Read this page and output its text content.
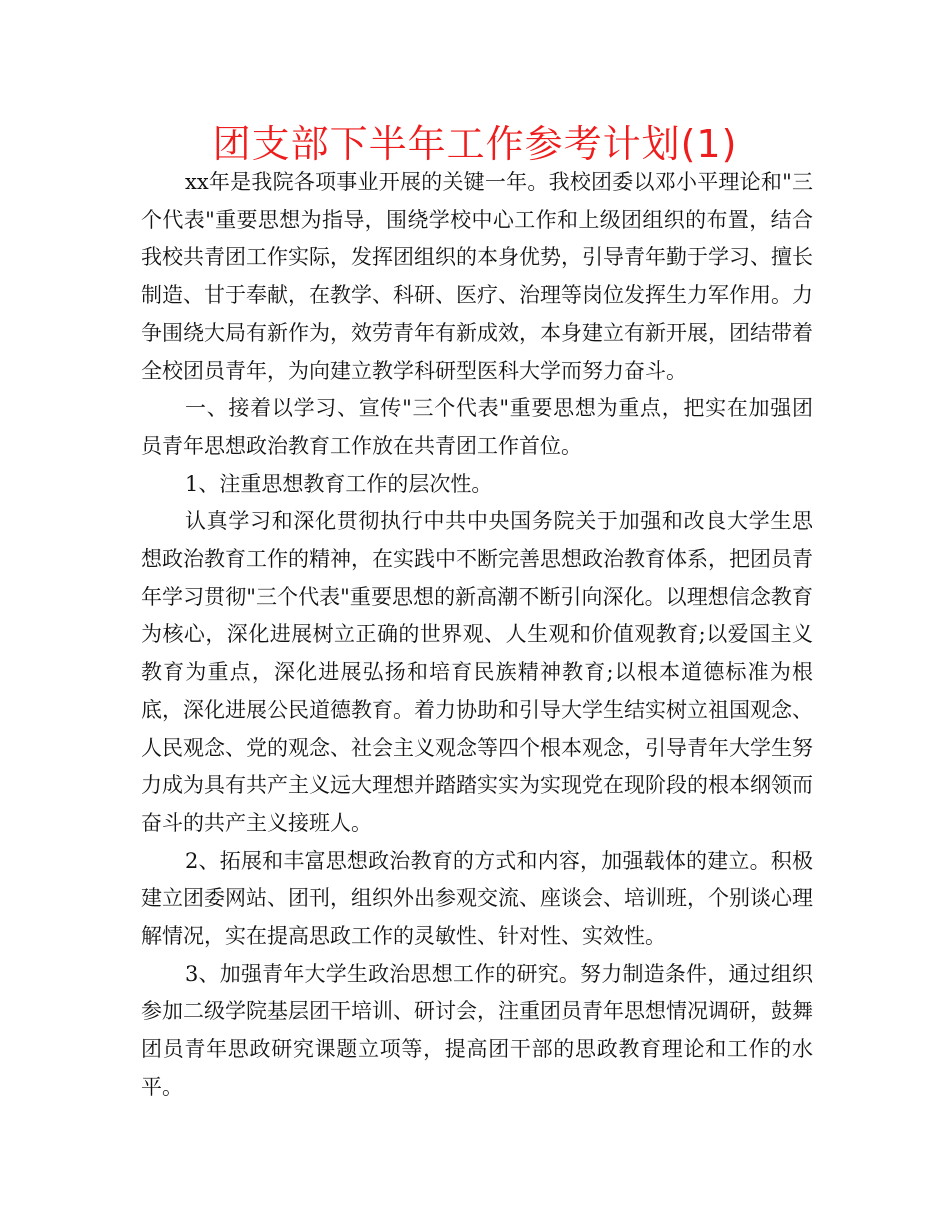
团支部下半年工作参考计划(1)

xx年是我院各项事业开展的关键一年。我校团委以邓小平理论和"三个代表"重要思想为指导，围绕学校中心工作和上级团组织的布置，结合我校共青团工作实际，发挥团组织的本身优势，引导青年勤于学习、擅长制造、甘于奉献，在教学、科研、医疗、治理等岗位发挥生力军作用。力争围绕大局有新作为，效劳青年有新成效，本身建立有新开展，团结带着全校团员青年，为向建立教学科研型医科大学而努力奋斗。

一、接着以学习、宣传"三个代表"重要思想为重点，把实在加强团员青年思想政治教育工作放在共青团工作首位。

1、注重思想教育工作的层次性。

认真学习和深化贯彻执行中共中央国务院关于加强和改良大学生思想政治教育工作的精神，在实践中不断完善思想政治教育体系，把团员青年学习贯彻"三个代表"重要思想的新高潮不断引向深化。以理想信念教育为核心，深化进展树立正确的世界观、人生观和价值观教育;以爱国主义教育为重点，深化进展弘扬和培育民族精神教育;以根本道德标准为根底，深化进展公民道德教育。着力协助和引导大学生结实树立祖国观念、人民观念、党的观念、社会主义观念等四个根本观念，引导青年大学生努力成为具有共产主义远大理想并踏踏实实为实现党在现阶段的根本纲领而奋斗的共产主义接班人。

2、拓展和丰富思想政治教育的方式和内容，加强载体的建立。积极建立团委网站、团刊，组织外出参观交流、座谈会、培训班，个别谈心理解情况，实在提高思政工作的灵敏性、针对性、实效性。

3、加强青年大学生政治思想工作的研究。努力制造条件，通过组织参加二级学院基层团干培训、研讨会，注重团员青年思想情况调研，鼓舞团员青年思政研究课题立项等，提高团干部的思政教育理论和工作的水平。
